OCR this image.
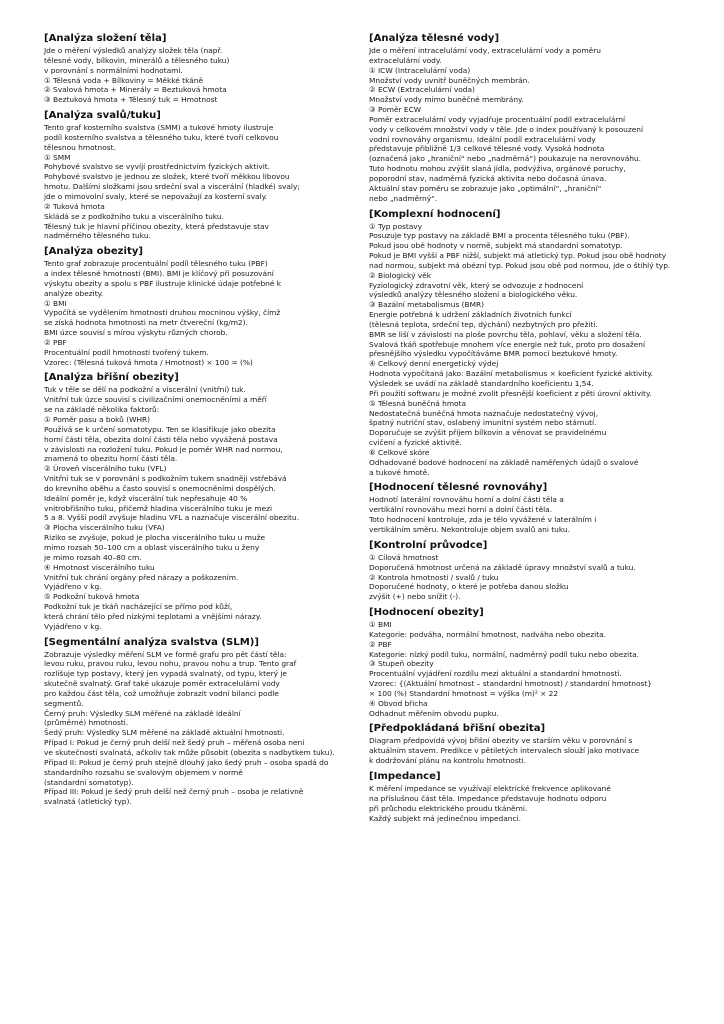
[Analýza složení těla]
Jde o měření výsledků analýzy složek těla (např.
tělesné vody, bílkovin, minerálů a tělesného tuku)
v porovnání s normálními hodnotami.
① Tělesná voda + Bílkoviny = Měkké tkáně
② Svalová hmota + Minerály = Beztuková hmota
③ Beztuková hmota + Tělesný tuk = Hmotnost
[Analýza svalů/tuku]
Tento graf kosterního svalstva (SMM) a tukové hmoty ilustruje
podíl kosterního svalstva a tělesného tuku, které tvoří celkovou
tělesnou hmotnost.
① SMM
Pohybové svalstvo se vyvíjí prostřednictvím fyzických aktivit.
Pohybové svalstvo je jednou ze složek, které tvoří měkkou libovou
hmotu. Dalšími složkami jsou srdeční sval a viscerální (hladké) svaly;
jde o mimovolní svaly, které se nepovažují za kosterní svaly.
② Tuková hmota
Skládá se z podkožního tuku a viscerálního tuku.
Tělesný tuk je hlavní příčinou obezity, která představuje stav
nadměrného tělesného tuku.
[Analýza obezity]
Tento graf zobrazuje procentuální podíl tělesného tuku (PBF)
a index tělesné hmotnosti (BMI). BMI je klíčový při posuzování
výskytu obezity a spolu s PBF ilustruje klinické údaje potřebné k
analýze obezity.
① BMI
Vypočítá se vydělením hmotnosti druhou mocninou výšky, čímž
se získá hodnota hmotnosti na metr čtvereční (kg/m2).
BMI úzce souvisí s mírou výskytu různých chorob.
② PBF
Procentuální podíl hmotnosti tvořený tukem.
Vzorec: (Tělesná tuková hmota / Hmotnost) × 100 = (%)
[Analýza břišní obezity]
Tuk v těle se dělí na podkožní a viscerální (vnitřní) tuk.
Vnitřní tuk úzce souvisí s civilizačními onemocněními a měří
se na základě několika faktorů:
① Poměr pasu a boků (WHR)
Používá se k určení somatotypu. Ten se klasifikuje jako obezita
horní části těla, obezita dolní části těla nebo vyvážená postava
v závislosti na rozložení tuku. Pokud je poměr WHR nad normou,
znamená to obezitu horní části těla.
② Úroveň viscerálního tuku (VFL)
Vnitřní tuk se v porovnání s podkožním tukem snadněji vstřebává
do krevního oběhu a často souvisí s onemocněními dospělých.
Ideální poměr je, když viscerální tuk nepřesahuje 40 %
vnitrobřišního tuku, přičemž hladina viscerálního tuku je mezi
5 a 8. Vyšší podíl zvyšuje hladinu VFL a naznačuje viscerální obezitu.
③ Plocha viscerálního tuku (VFA)
Riziko se zvyšuje, pokud je plocha viscerálního tuku u muže
mimo rozsah 50–100 cm a oblast viscerálního tuku u ženy
je mimo rozsah 40–80 cm.
④ Hmotnost viscerálního tuku
Vnitřní tuk chrání orgány před nárazy a poškozením.
Vyjádřeno v kg.
⑤ Podkožní tuková hmota
Podkožní tuk je tkáň nacházející se přímo pod kůží,
která chrání tělo před nízkými teplotami a vnějšími nárazy.
Vyjádřeno v kg.
[Segmentální analýza svalstva (SLM)]
Zobrazuje výsledky měření SLM ve formě grafu pro pět částí těla:
levou ruku, pravou ruku, levou nohu, pravou nohu a trup. Tento graf
rozlišuje typ postavy, který jen vypadá svalnatý, od typu, který je
skutečně svalnatý. Graf také ukazuje poměr extracelulární vody
pro každou část těla, což umožňuje zobrazit vodní bilanci podle
segmentů.
Černý pruh: Výsledky SLM měřené na základě ideální
(průměrné) hmotnosti.
Šedý pruh: Výsledky SLM měřené na základě aktuální hmotnosti.
Případ I: Pokud je černý pruh delší než šedý pruh – měřená osoba není
ve skutečnosti svalnatá, ačkoliv tak může působit (obezita s nadbytkem tuku).
Případ II: Pokud je černý pruh stejně dlouhý jako šedý pruh – osoba spadá do
standardního rozsahu se svalovým objemem v normě
(standardní somatotyp).
Případ III: Pokud je šedý pruh delší než černý pruh – osoba je relativně
svalnatá (atletický typ).
[Analýza tělesné vody]
Jde o měření intracelulární vody, extracelulární vody a poměru
extracelulární vody.
① ICW (Intracelulární voda)
Množství vody uvnitř buněčných membrán.
② ECW (Extracelulární voda)
Množství vody mimo buněčné membrány.
③ Poměr ECW
Poměr extracelulární vody vyjadřuje procentuální podíl extracelulární
vody v celkovém množství vody v těle. Jde o index používaný k posouzení
vodní rovnováhy organismu. Ideální podíl extracelulární vody
představuje přibližně 1/3 celkové tělesné vody. Vysoká hodnota
(označená jako „hraniční“ nebo „nadměrná“) poukazuje na nerovnováhu.
Tuto hodnotu mohou zvýšit slaná jídla, podvýživa, orgánové poruchy,
poporodní stav, nadměrná fyzická aktivita nebo dočasná únava.
Aktuální stav poměru se zobrazuje jako „optimální“, „hraniční“
nebo „nadměrný“.
[Komplexní hodnocení]
① Typ postavy
Posuzuje typ postavy na základě BMI a procenta tělesného tuku (PBF).
Pokud jsou obě hodnoty v normě, subjekt má standardní somatotyp.
Pokud je BMI vyšší a PBF nižší, subjekt má atletický typ. Pokud jsou obě hodnoty
nad normou, subjekt má obézní typ. Pokud jsou obě pod normou, jde o štíhlý typ.
② Biologický věk
Fyziologický zdravotní věk, který se odvozuje z hodnocení
výsledků analýzy tělesného složení a biologického věku.
③ Bazální metabolismus (BMR)
Energie potřebná k udržení základních životních funkcí
(tělesná teplota, srdeční tep, dýchání) nezbytných pro přežití.
BMR se liší v závislosti na ploše povrchu těla, pohlaví, věku a složení těla.
Svalová tkáň spotřebuje mnohem více energie než tuk, proto pro dosažení
přesnějšího výsledku vypočítáváme BMR pomocí beztukové hmoty.
④ Celkový denní energetický výdej
Hodnota vypočítaná jako: Bazální metabolismus × koeficient fyzické aktivity.
Výsledek se uvádí na základě standardního koeficientu 1,54.
Při použití softwaru je možné zvolit přesnější koeficient z pěti úrovní aktivity.
⑤ Tělesná buněčná hmota
Nedostatečná buněčná hmota naznačuje nedostatečný vývoj,
špatný nutriční stav, oslabený imunitní systém nebo stárnutí.
Doporučuje se zvýšit příjem bílkovin a věnovat se pravidelnému
cvičení a fyzické aktivitě.
⑥ Celkové skóre
Odhadované bodové hodnocení na základě naměřených údajů o svalové
a tukové hmotě.
[Hodnocení tělesné rovnováhy]
Hodnotí laterální rovnováhu horní a dolní části těla a
vertikální rovnováhu mezi horní a dolní částí těla.
Toto hodnocení kontroluje, zda je tělo vyvážené v laterálním i
vertikálním směru. Nekontroluje objem svalů ani tuku.
[Kontrolní průvodce]
① Cílová hmotnost
Doporučená hmotnost určená na základě úpravy množství svalů a tuku.
② Kontrola hmotnosti / svalů / tuku
Doporučené hodnoty, o které je potřeba danou složku
zvýšit (+) nebo snížit (-).
[Hodnocení obezity]
① BMI
Kategorie: podváha, normální hmotnost, nadváha nebo obezita.
② PBF
Kategorie: nízký podíl tuku, normální, nadměrný podíl tuku nebo obezita.
③ Stupeň obezity
Procentuální vyjádření rozdílu mezi aktuální a standardní hmotností.
Vzorec: {(Aktuální hmotnost – standardní hmotnost) / standardní hmotnost}
× 100 (%) Standardní hmotnost = výška (m)² × 22
④ Obvod břicha
Odhadnut měřením obvodu pupku.
[Předpokládaná břišní obezita]
Diagram předpovídá vývoj břišní obezity ve starším věku v porovnání s
aktuálním stavem. Predikce v pětiletých intervalech slouží jako motivace
k dodržování plánu na kontrolu hmotnosti.
[Impedance]
K měření impedance se využívají elektrické frekvence aplikované
na příslušnou část těla. Impedance představuje hodnotu odporu
při průchodu elektrického proudu tkáněmi.
Každý subjekt má jedinečnou impedanci.
